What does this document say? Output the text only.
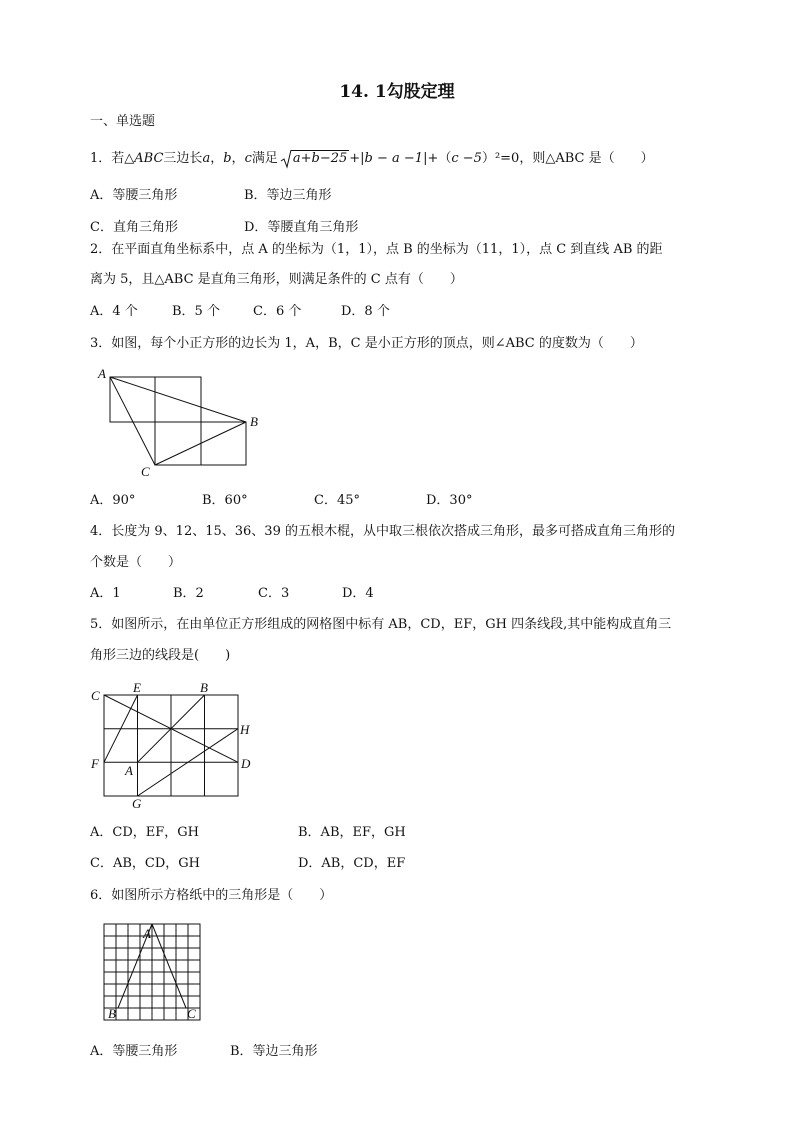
14. 1勾股定理
一、单选题
1．若△ABC三边长a，b，c满足 a+b−25 +|b − a −1|+（c −5）²=0，则△ABC 是（　　）
A．等腰三角形	B．等边三角形
C．直角三角形	D．等腰直角三角形
2．在平面直角坐标系中，点 A 的坐标为（1，1），点 B 的坐标为（11，1），点 C 到直线 AB 的距
离为 5，且△ABC 是直角三角形，则满足条件的 C 点有（　　）
A．4 个	B．5 个	C．6 个	D．8 个
3．如图，每个小正方形的边长为 1，A，B，C 是小正方形的顶点，则∠ABC 的度数为（　　）
A
B
C
A．90°	B．60°	C．45°	D．30°
4．长度为 9、12、15、36、39 的五根木棍，从中取三根依次搭成三角形，最多可搭成直角三角形的
个数是（　　）
A．1	B．2	C．3	D．4
5．如图所示，在由单位正方形组成的网格图中标有 AB，CD，EF，GH 四条线段,其中能构成直角三
角形三边的线段是(　　)
C
E	B
H
F A	D
G
A．CD，EF，GH	B．AB，EF，GH
C．AB，CD，GH	D．AB，CD，EF
6．如图所示方格纸中的三角形是（　　）
A
B	C
A．等腰三角形	B．等边三角形
